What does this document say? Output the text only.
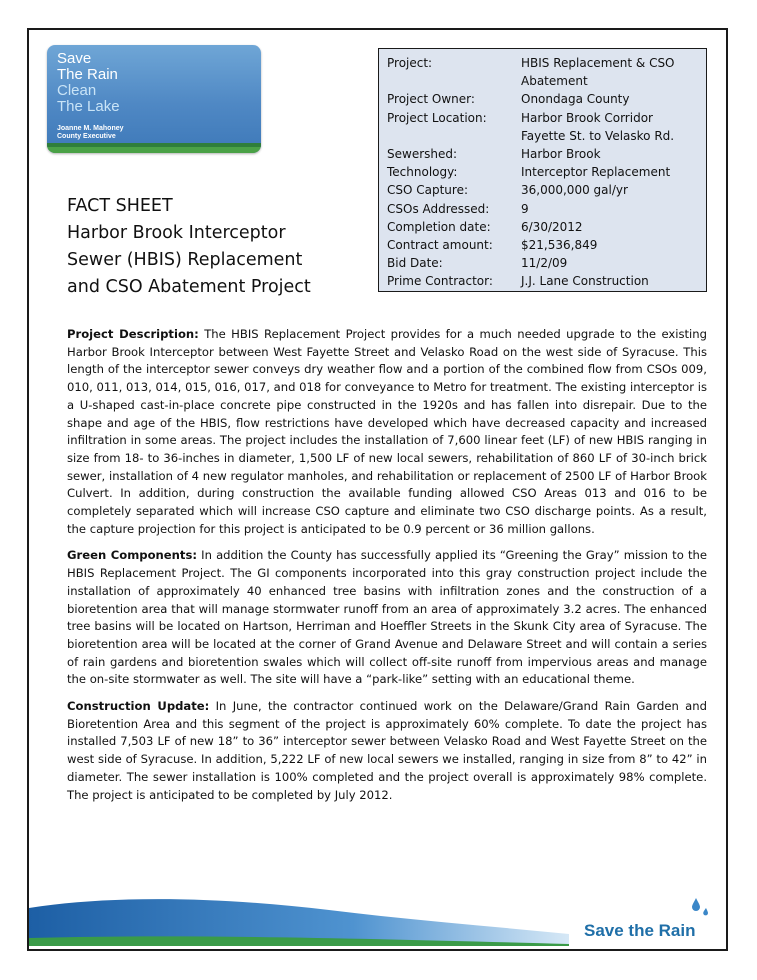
Save
The Rain
Clean
The Lake
Joanne M. Mahoney
County Executive
FACT SHEET
Harbor Brook Interceptor
Sewer (HBIS) Replacement
and CSO Abatement Project
Project:	HBIS Replacement & CSO Abatement
Project Owner:	Onondaga County
Project Location:	Harbor Brook Corridor Fayette St. to Velasko Rd.
Sewershed:	Harbor Brook
Technology:	Interceptor Replacement
CSO Capture:	36,000,000 gal/yr
CSOs Addressed:	9
Completion date:	6/30/2012
Contract amount:	$21,536,849
Bid Date:	11/2/09
Prime Contractor:	J.J. Lane Construction

Project Description: The HBIS Replacement Project provides for a much needed upgrade to the existing Harbor Brook Interceptor between West Fayette Street and Velasko Road on the west side of Syracuse. This length of the interceptor sewer conveys dry weather flow and a portion of the combined flow from CSOs 009, 010, 011, 013, 014, 015, 016, 017, and 018 for conveyance to Metro for treatment. The existing interceptor is a U-shaped cast-in-place concrete pipe constructed in the 1920s and has fallen into disrepair. Due to the shape and age of the HBIS, flow restrictions have developed which have decreased capacity and increased infiltration in some areas. The project includes the installation of 7,600 linear feet (LF) of new HBIS ranging in size from 18- to 36-inches in diameter, 1,500 LF of new local sewers, rehabilitation of 860 LF of 30-inch brick sewer, installation of 4 new regulator manholes, and rehabilitation or replacement of 2500 LF of Harbor Brook Culvert. In addition, during construction the available funding allowed CSO Areas 013 and 016 to be completely separated which will increase CSO capture and eliminate two CSO discharge points. As a result, the capture projection for this project is anticipated to be 0.9 percent or 36 million gallons.

Green Components: In addition the County has successfully applied its “Greening the Gray” mission to the HBIS Replacement Project. The GI components incorporated into this gray construction project include the installation of approximately 40 enhanced tree basins with infiltration zones and the construction of a bioretention area that will manage stormwater runoff from an area of approximately 3.2 acres. The enhanced tree basins will be located on Hartson, Herriman and Hoeffler Streets in the Skunk City area of Syracuse. The bioretention area will be located at the corner of Grand Avenue and Delaware Street and will contain a series of rain gardens and bioretention swales which will collect off-site runoff from impervious areas and manage the on-site stormwater as well. The site will have a “park-like” setting with an educational theme.

Construction Update: In June, the contractor continued work on the Delaware/Grand Rain Garden and Bioretention Area and this segment of the project is approximately 60% complete. To date the project has installed 7,503 LF of new 18” to 36” interceptor sewer between Velasko Road and West Fayette Street on the west side of Syracuse. In addition, 5,222 LF of new local sewers we installed, ranging in size from 8” to 42” in diameter. The sewer installation is 100% completed and the project overall is approximately 98% complete. The project is anticipated to be completed by July 2012.

Save the Rain
